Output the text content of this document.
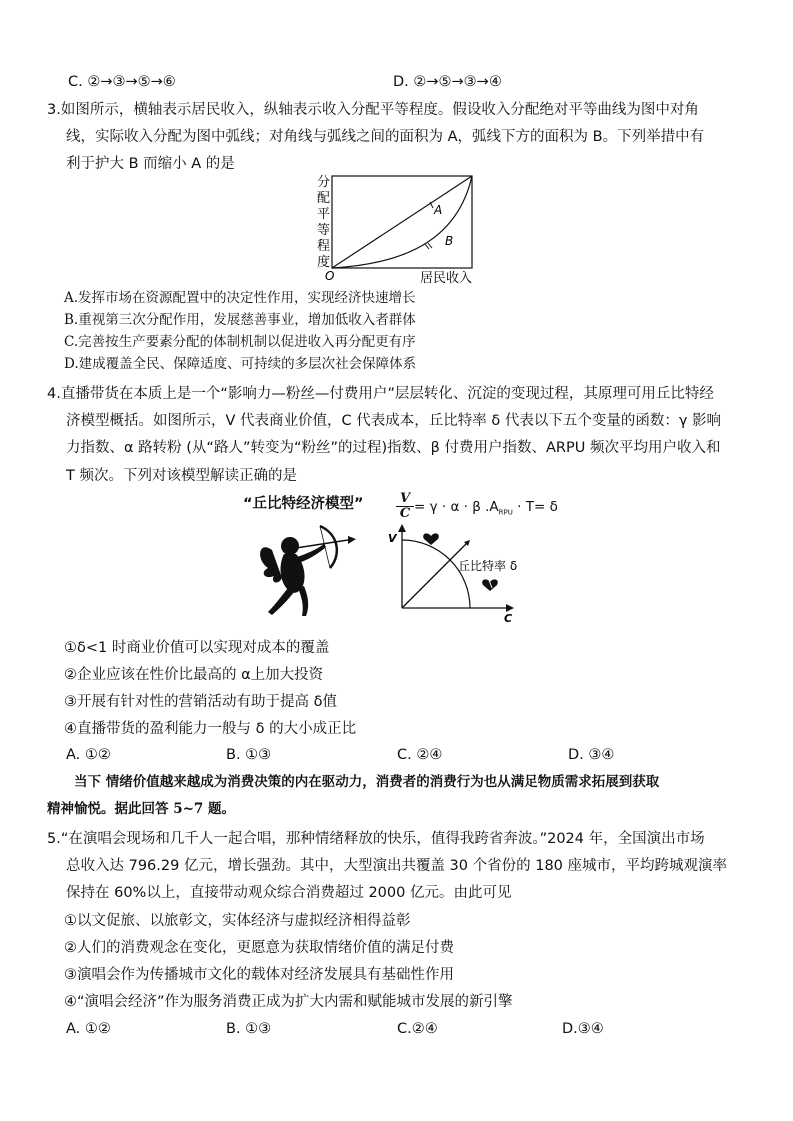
C. ②→③→⑤→⑥	D. ②→⑤→③→④
3.如图所示，横轴表示居民收入，纵轴表示收入分配平等程度。假设收入分配绝对平等曲线为图中对角
线，实际收入分配为图中弧线；对角线与弧线之间的面积为 A，弧线下方的面积为 B。下列举措中有
利于护大 B 而缩小 A 的是
A
B
O	居民收入
分
配
平
等
程
度
A.发挥市场在资源配置中的决定性作用，实现经济快速增长
B.重视第三次分配作用，发展慈善事业，增加低收入者群体
C.完善按生产要素分配的体制机制以促进收入再分配更有序
D.建成覆盖全民、保障适度、可持续的多层次社会保障体系
4.直播带货在本质上是一个“影响力—粉丝—付费用户”层层转化、沉淀的变现过程，其原理可用丘比特经
济模型概括。如图所示，V 代表商业价值，C 代表成本，丘比特率 δ 代表以下五个变量的函数：γ 影响
力指数、α 路转粉 (从“路人”转变为“粉丝”的过程)指数、β 付费用户指数、ARPU 频次平均用户收入和
T 频次。下列对该模型解读正确的是
“丘比特经济模型” $\frac{V}{C} = \gamma \cdot \alpha \cdot \beta$ $.A_{RPU} \cdot T= \delta$
V
C
丘比特率 δ
①δ<1 时商业价值可以实现对成本的覆盖
②企业应该在性价比最高的 α上加大投资
③开展有针对性的营销活动有助于提高 δ值
④直播带货的盈利能力一般与 δ 的大小成正比
A. ①②	B. ①③	C. ②④	D. ③④
当下 情绪价值越来越成为消费决策的内在驱动力，消费者的消费行为也从满足物质需求拓展到获取
精神愉悦。据此回答 5~7 题。
5.“在演唱会现场和几千人一起合唱，那种情绪释放的快乐，值得我跨省奔波。”2024 年，全国演出市场
总收入达 796.29 亿元，增长强劲。其中，大型演出共覆盖 30 个省份的 180 座城市，平均跨城观演率
保持在 60%以上，直接带动观众综合消费超过 2000 亿元。由此可见
①以文促旅、以旅彰文，实体经济与虚拟经济相得益彰
②人们的消费观念在变化，更愿意为获取情绪价值的满足付费
③演唱会作为传播城市文化的载体对经济发展具有基础性作用
④“演唱会经济”作为服务消费正成为扩大内需和赋能城市发展的新引擎
A. ①②	B. ①③	C.②④	D.③④
